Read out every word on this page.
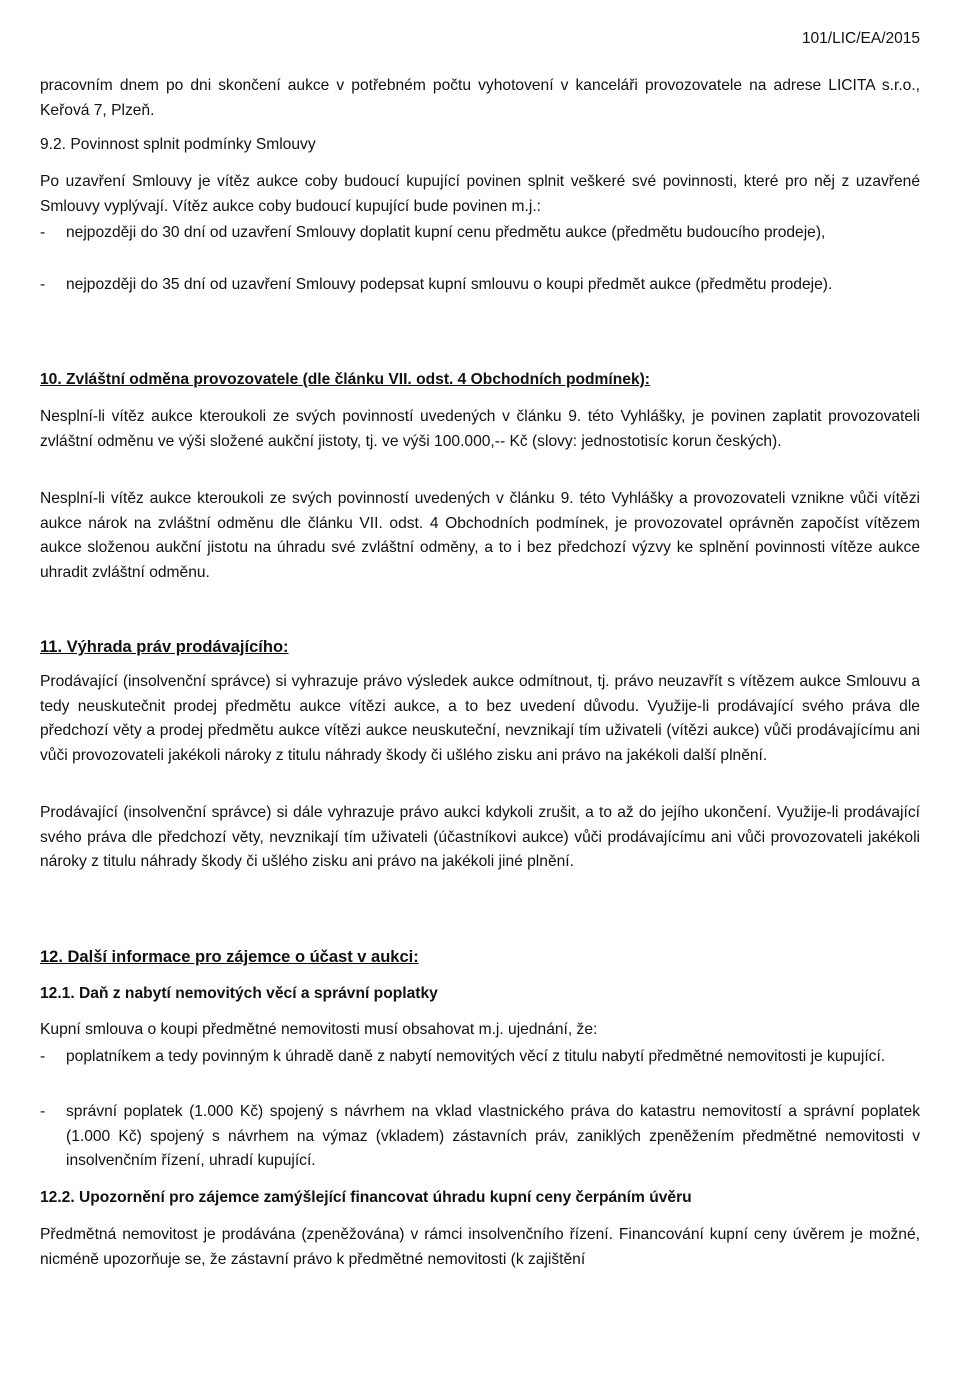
101/LIC/EA/2015

pracovním dnem po dni skončení aukce v potřebném počtu vyhotovení v kanceláři provozovatele na adrese LICITA s.r.o., Keřová 7, Plzeň.

9.2. Povinnost splnit podmínky Smlouvy

Po uzavření Smlouvy je vítěz aukce coby budoucí kupující povinen splnit veškeré své povinnosti, které pro něj z uzavřené Smlouvy vyplývají. Vítěz aukce coby budoucí kupující bude povinen m.j.:

- nejpozději do 30 dní od uzavření Smlouvy doplatit kupní cenu předmětu aukce (předmětu budoucího prodeje),
- nejpozději do 35 dní od uzavření Smlouvy podepsat kupní smlouvu o koupi předmět aukce (předmětu prodeje).

10. Zvláštní odměna provozovatele (dle článku VII. odst. 4 Obchodních podmínek):

Nesplní-li vítěz aukce kteroukoli ze svých povinností uvedených v článku 9. této Vyhlášky, je povinen zaplatit provozovateli zvláštní odměnu ve výši složené aukční jistoty, tj. ve výši 100.000,-- Kč (slovy: jednostotisíc korun českých).

Nesplní-li vítěz aukce kteroukoli ze svých povinností uvedených v článku 9. této Vyhlášky a provozovateli vznikne vůči vítězi aukce nárok na zvláštní odměnu dle článku VII. odst. 4 Obchodních podmínek, je provozovatel oprávněn započíst vítězem aukce složenou aukční jistotu na úhradu své zvláštní odměny, a to i bez předchozí výzvy ke splnění povinnosti vítěze aukce uhradit zvláštní odměnu.

11. Výhrada práv prodávajícího:

Prodávající (insolvenční správce) si vyhrazuje právo výsledek aukce odmítnout, tj. právo neuzavřít s vítězem aukce Smlouvu a tedy neuskutečnit prodej předmětu aukce vítězi aukce, a to bez uvedení důvodu. Využije-li prodávající svého práva dle předchozí věty a prodej předmětu aukce vítězi aukce neuskuteční, nevznikají tím uživateli (vítězi aukce) vůči prodávajícímu ani vůči provozovateli jakékoli nároky z titulu náhrady škody či ušlého zisku ani právo na jakékoli další plnění.

Prodávající (insolvenční správce) si dále vyhrazuje právo aukci kdykoli zrušit, a to až do jejího ukončení. Využije-li prodávající svého práva dle předchozí věty, nevznikají tím uživateli (účastníkovi aukce) vůči prodávajícímu ani vůči provozovateli jakékoli nároky z titulu náhrady škody či ušlého zisku ani právo na jakékoli jiné plnění.

12. Další informace pro zájemce o účast v aukci:

12.1. Daň z nabytí nemovitých věcí a správní poplatky

Kupní smlouva o koupi předmětné nemovitosti musí obsahovat m.j. ujednání, že:

- poplatníkem a tedy povinným k úhradě daně z nabytí nemovitých věcí z titulu nabytí předmětné nemovitosti je kupující.
- správní poplatek (1.000 Kč) spojený s návrhem na vklad vlastnického práva do katastru nemovitostí a správní poplatek (1.000 Kč) spojený s návrhem na výmaz (vkladem) zástavních práv, zaniklých zpeněžením předmětné nemovitosti v insolvenčním řízení, uhradí kupující.

12.2. Upozornění pro zájemce zamýšlející financovat úhradu kupní ceny čerpáním úvěru

Předmětná nemovitost je prodávána (zpeněžována) v rámci insolvenčního řízení. Financování kupní ceny úvěrem je možné, nicméně upozorňuje se, že zástavní právo k předmětné nemovitosti (k zajištění
